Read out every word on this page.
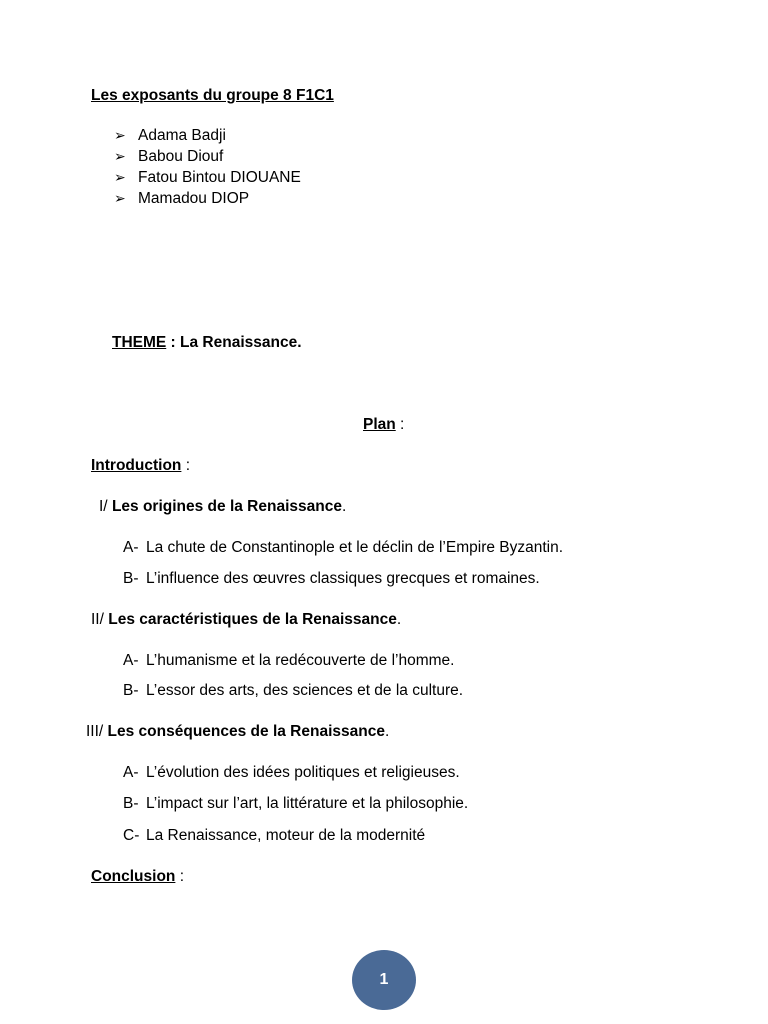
Les exposants du groupe 8 F1C1
➢ Adama Badji
➢ Babou Diouf
➢ Fatou Bintou DIOUANE
➢ Mamadou DIOP
THEME : La Renaissance.
Plan :
Introduction :
I/ Les origines de la Renaissance.
A- La chute de Constantinople et le déclin de l’Empire Byzantin.
B- L’influence des œuvres classiques grecques et romaines.
II/ Les caractéristiques de la Renaissance.
A- L’humanisme et la redécouverte de l’homme.
B- L’essor des arts, des sciences et de la culture.
III/ Les conséquences de la Renaissance.
A- L’évolution des idées politiques et religieuses.
B- L’impact sur l’art, la littérature et la philosophie.
C- La Renaissance, moteur de la modernité
Conclusion :
1
